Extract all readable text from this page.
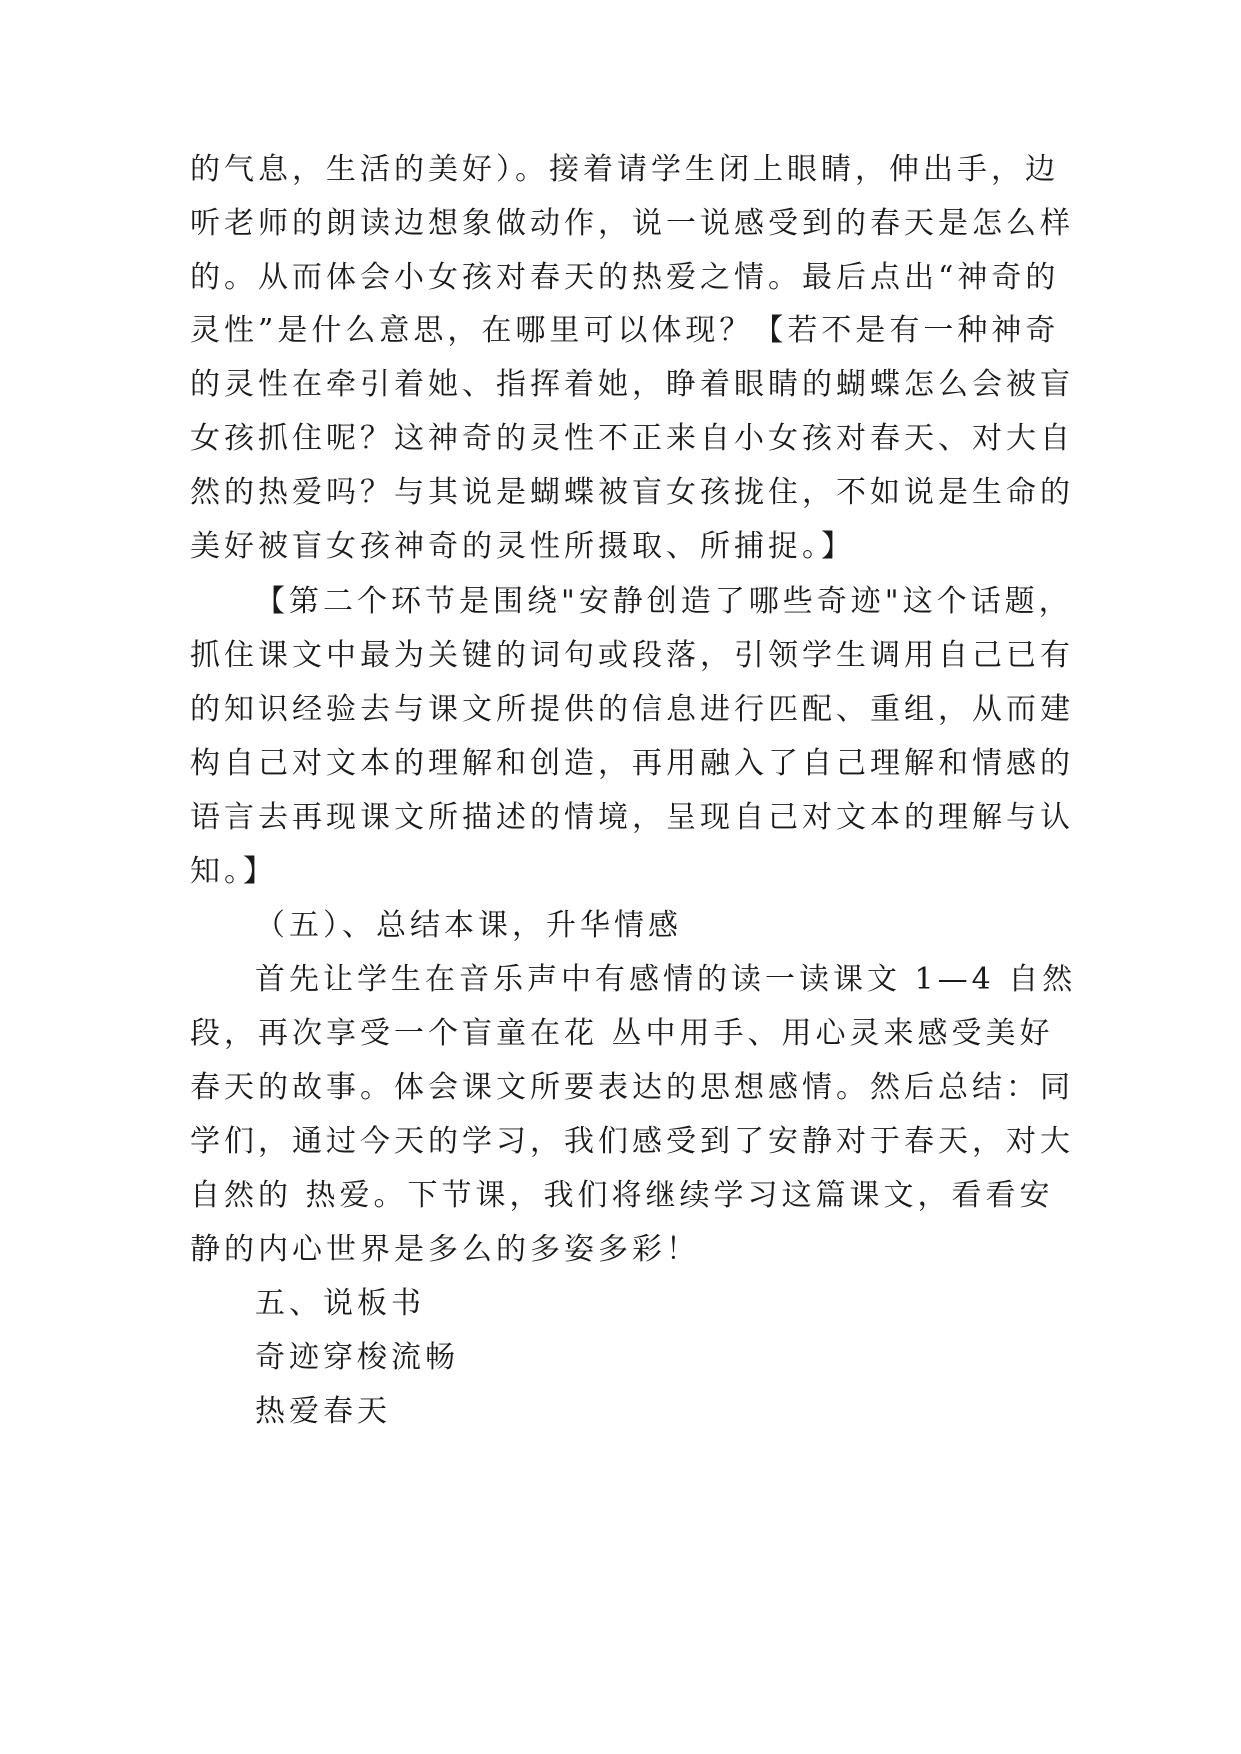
的气息，生活的美好）。接着请学生闭上眼睛，伸出手，边

听老师的朗读边想象做动作，说一说感受到的春天是怎么样

的。从而体会小女孩对春天的热爱之情。最后点出“神奇的

灵性”是什么意思，在哪里可以体现？【若不是有一种神奇

的灵性在牵引着她、指挥着她，睁着眼睛的蝴蝶怎么会被盲

女孩抓住呢？这神奇的灵性不正来自小女孩对春天、对大自

然的热爱吗？与其说是蝴蝶被盲女孩拢住，不如说是生命的

美好被盲女孩神奇的灵性所摄取、所捕捉。】

【第二个环节是围绕"安静创造了哪些奇迹"这个话题，

抓住课文中最为关键的词句或段落，引领学生调用自己已有

的知识经验去与课文所提供的信息进行匹配、重组，从而建

构自己对文本的理解和创造，再用融入了自己理解和情感的

语言去再现课文所描述的情境，呈现自己对文本的理解与认

知。】

（五）、总结本课，升华情感

首先让学生在音乐声中有感情的读一读课文 1—4 自然

段，再次享受一个盲童在花 丛中用手、用心灵来感受美好

春天的故事。体会课文所要表达的思想感情。然后总结：同

学们，通过今天的学习，我们感受到了安静对于春天，对大

自然的 热爱。下节课，我们将继续学习这篇课文，看看安

静的内心世界是多么的多姿多彩！

五、说板书

奇迹穿梭流畅

热爱春天
